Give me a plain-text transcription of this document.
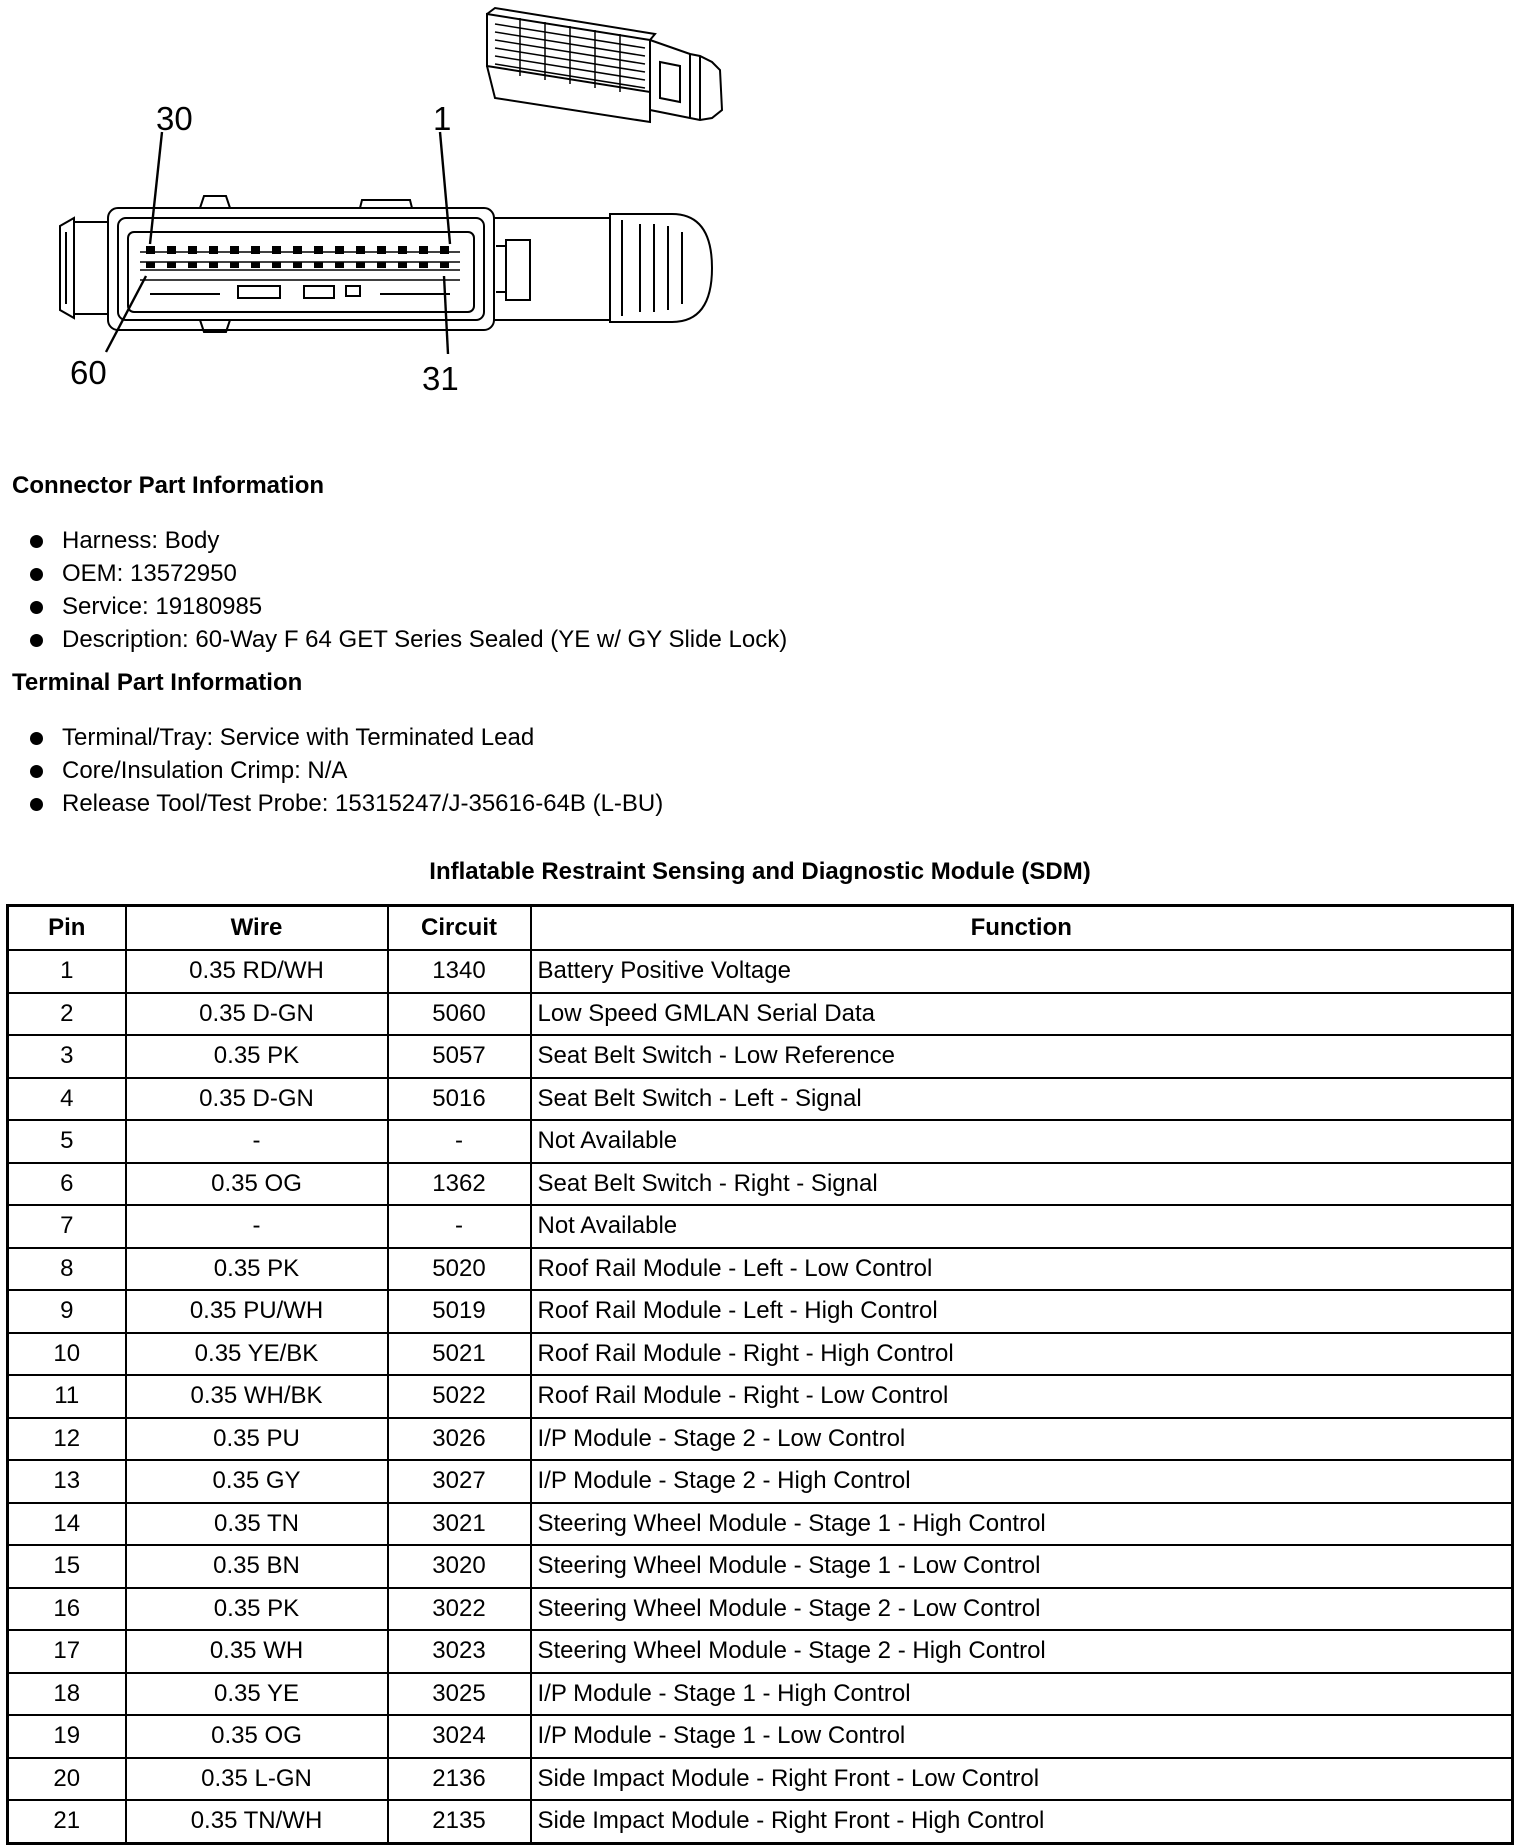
30	1
60	31
Connector Part Information
Harness: Body
OEM: 13572950
Service: 19180985
Description: 60-Way F 64 GET Series Sealed (YE w/ GY Slide Lock)
Terminal Part Information
Terminal/Tray: Service with Terminated Lead
Core/Insulation Crimp: N/A
Release Tool/Test Probe: 15315247/J-35616-64B (L-BU)
Inflatable Restraint Sensing and Diagnostic Module (SDM)
Pin	Wire	Circuit	Function
1	0.35 RD/WH	1340	Battery Positive Voltage
2	0.35 D-GN	5060	Low Speed GMLAN Serial Data
3	0.35 PK	5057	Seat Belt Switch - Low Reference
4	0.35 D-GN	5016	Seat Belt Switch - Left - Signal
5	-	-	Not Available
6	0.35 OG	1362	Seat Belt Switch - Right - Signal
7	-	-	Not Available
8	0.35 PK	5020	Roof Rail Module - Left - Low Control
9	0.35 PU/WH	5019	Roof Rail Module - Left - High Control
10	0.35 YE/BK	5021	Roof Rail Module - Right - High Control
11	0.35 WH/BK	5022	Roof Rail Module - Right - Low Control
12	0.35 PU	3026	I/P Module - Stage 2 - Low Control
13	0.35 GY	3027	I/P Module - Stage 2 - High Control
14	0.35 TN	3021	Steering Wheel Module - Stage 1 - High Control
15	0.35 BN	3020	Steering Wheel Module - Stage 1 - Low Control
16	0.35 PK	3022	Steering Wheel Module - Stage 2 - Low Control
17	0.35 WH	3023	Steering Wheel Module - Stage 2 - High Control
18	0.35 YE	3025	I/P Module - Stage 1 - High Control
19	0.35 OG	3024	I/P Module - Stage 1 - Low Control
20	0.35 L-GN	2136	Side Impact Module - Right Front - Low Control
21	0.35 TN/WH	2135	Side Impact Module - Right Front - High Control
